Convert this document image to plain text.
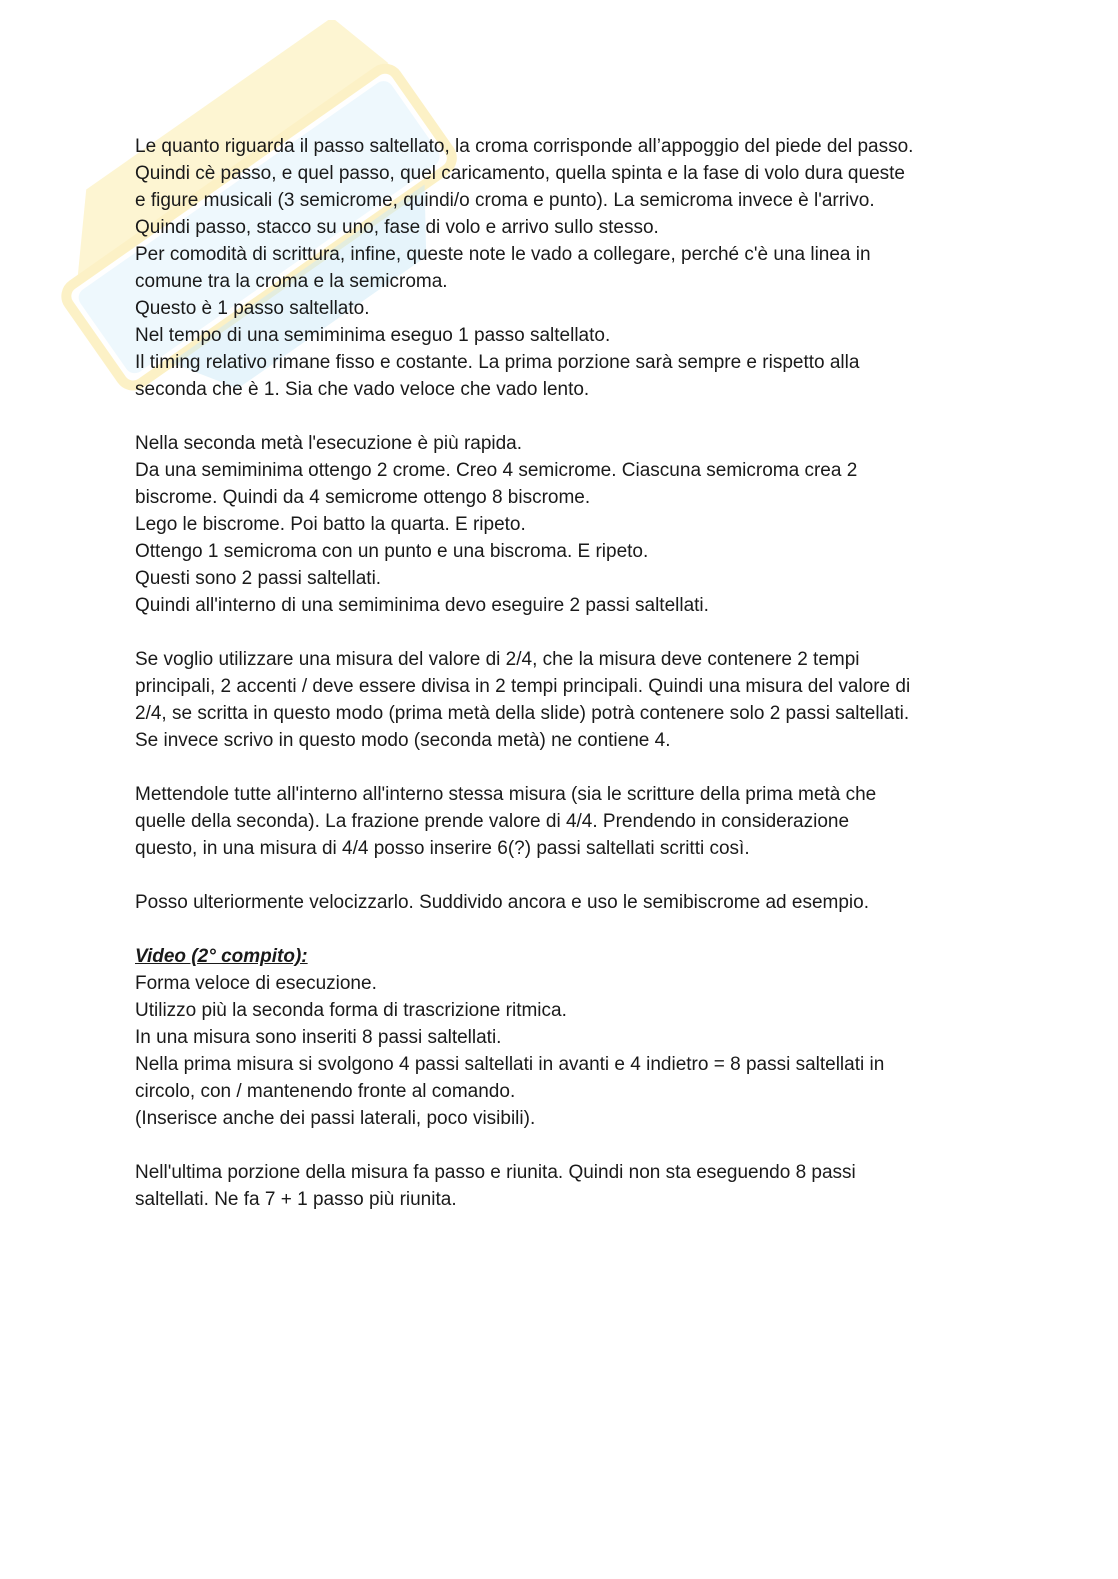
Le quanto riguarda il passo saltellato, la croma corrisponde all’appoggio del piede del passo.
Quindi cè passo, e quel passo, quel caricamento, quella spinta e la fase di volo dura queste
e figure musicali (3 semicrome, quindi/o croma e punto). La semicroma invece è l'arrivo.
Quindi passo, stacco su uno, fase di volo e arrivo sullo stesso.
Per comodità di scrittura, infine, queste note le vado a collegare, perché c'è una linea in
comune tra la croma e la semicroma.
Questo è 1 passo saltellato.
Nel tempo di una semiminima eseguo 1 passo saltellato.
Il timing relativo rimane fisso e costante. La prima porzione sarà sempre e rispetto alla
seconda che è 1. Sia che vado veloce che vado lento.
Nella seconda metà l'esecuzione è più rapida.
Da una semiminima ottengo 2 crome. Creo 4 semicrome. Ciascuna semicroma crea 2
biscrome. Quindi da 4 semicrome ottengo 8 biscrome.
Lego le biscrome. Poi batto la quarta. E ripeto.
Ottengo 1 semicroma con un punto e una biscroma. E ripeto.
Questi sono 2 passi saltellati.
Quindi all'interno di una semiminima devo eseguire 2 passi saltellati.
Se voglio utilizzare una misura del valore di 2/4, che la misura deve contenere 2 tempi
principali, 2 accenti / deve essere divisa in 2 tempi principali. Quindi una misura del valore di
2/4, se scritta in questo modo (prima metà della slide) potrà contenere solo 2 passi saltellati.
Se invece scrivo in questo modo (seconda metà) ne contiene 4.
Mettendole tutte all'interno all'interno stessa misura (sia le scritture della prima metà che
quelle della seconda). La frazione prende valore di 4/4. Prendendo in considerazione
questo, in una misura di 4/4 posso inserire 6(?) passi saltellati scritti così.
Posso ulteriormente velocizzarlo. Suddivido ancora e uso le semibiscrome ad esempio.
Video (2° compito):
Forma veloce di esecuzione.
Utilizzo più la seconda forma di trascrizione ritmica.
In una misura sono inseriti 8 passi saltellati.
Nella prima misura si svolgono 4 passi saltellati in avanti e 4 indietro = 8 passi saltellati in
circolo, con / mantenendo fronte al comando.
(Inserisce anche dei passi laterali, poco visibili).
Nell'ultima porzione della misura fa passo e riunita. Quindi non sta eseguendo 8 passi
saltellati. Ne fa 7 + 1 passo più riunita.
